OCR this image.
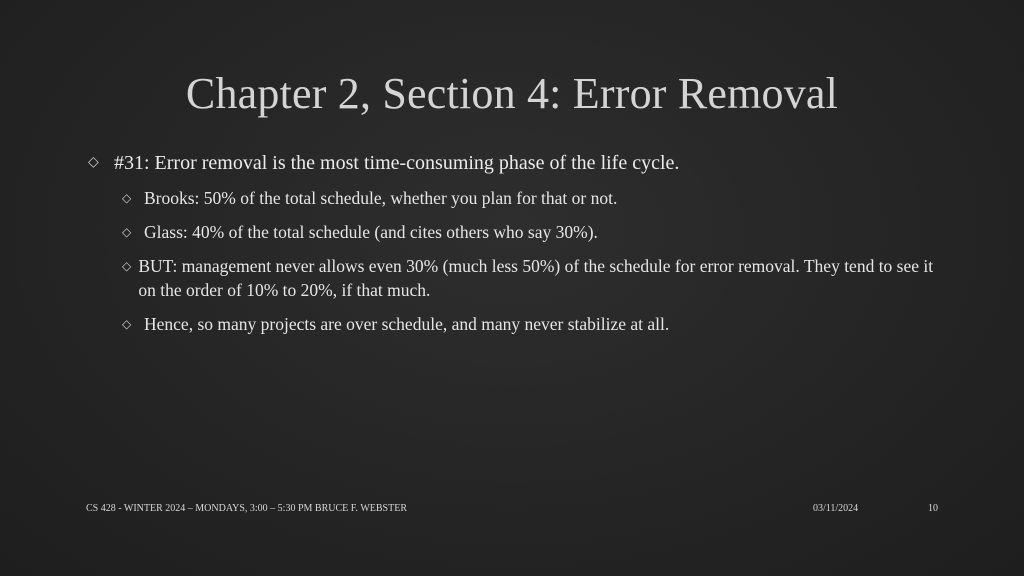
Chapter 2, Section 4: Error Removal
◇ #31: Error removal is the most time-consuming phase of the life cycle.
◇ Brooks: 50% of the total schedule, whether you plan for that or not.
◇ Glass: 40% of the total schedule (and cites others who say 30%).
◇ BUT: management never allows even 30% (much less 50%) of the schedule for error removal. They tend to see it on the order of 10% to 20%, if that much.
◇ Hence, so many projects are over schedule, and many never stabilize at all.
CS 428 - WINTER 2024 – MONDAYS, 3:00 – 5:30 PM BRUCE F. WEBSTER	03/11/2024	10
